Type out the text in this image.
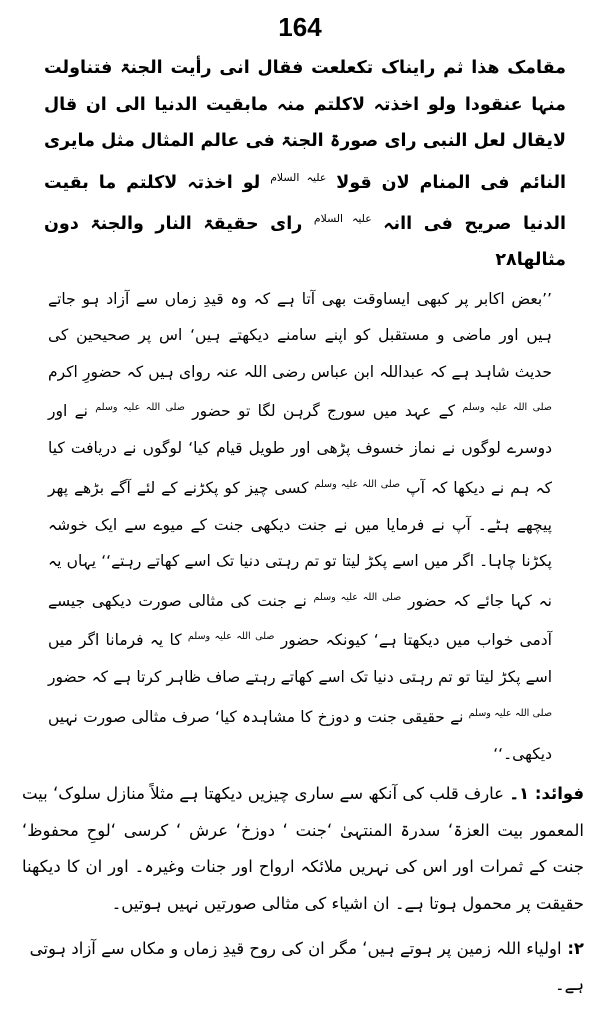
164

مقامک هذا ثم رایناک تکعلعت فقال انی رأیت الجنۃ فتناولت منہا عنقودا ولو اخذتہ لاکلتم منہ مابقیت الدنیا الی ان قال لایقال لعل النبی رای صورۃ الجنۃ فی عالم المثال مثل مایری النائم فی المنام لان قولا $^{علیہ السلام}$ لو اخذتہ لاکلتم ما بقیت الدنیا صریح فی اانہ $^{علیہ السلام}$ رای حقیقۃ النار والجنۃ دون مثالھا۲۸

’’بعض اکابر پر کبھی ایساوقت بھی آتا ہے کہ وہ قیدِ زماں سے آزاد ہو جاتے ہیں اور ماضی و مستقبل کو اپنے سامنے دیکھتے ہیں‘ اس پر صحیحین کی حدیث شاہد ہے کہ عبداللہ ابن عباس رضی اللہ عنہ روای ہیں کہ حضورِ اکرم $^{صلی اللہ علیہ وسلم}$ کے عہد میں سورج گرہن لگا تو حضور $^{صلی اللہ علیہ وسلم}$ نے اور دوسرے لوگوں نے نماز خسوف پڑھی اور طویل قیام کیا‘ لوگوں نے دریافت کیا کہ ہم نے دیکھا کہ آپ $^{صلی اللہ علیہ وسلم}$ کسی چیز کو پکڑنے کے لئے آگے بڑھے پھر پیچھے ہٹے۔ آپ نے فرمایا میں نے جنت دیکھی جنت کے میوے سے ایک خوشہ پکڑنا چاہا۔ اگر میں اسے پکڑ لیتا تو تم رہتی دنیا تک اسے کھاتے رہتے‘‘ یہاں یہ نہ کہا جائے کہ حضور $^{صلی اللہ علیہ وسلم}$ نے جنت کی مثالی صورت دیکھی جیسے آدمی خواب میں دیکھتا ہے‘ کیونکہ حضور $^{صلی اللہ علیہ وسلم}$ کا یہ فرمانا اگر میں اسے پکڑ لیتا تو تم رہتی دنیا تک اسے کھاتے رہتے صاف ظاہر کرتا ہے کہ حضور $^{صلی اللہ علیہ وسلم}$ نے حقیقی جنت و دوزخ کا مشاہدہ کیا‘ صرف مثالی صورت نہیں دیکھی۔‘‘

فوائد: ۱۔ عارف قلب کی آنکھ سے ساری چیزیں دیکھتا ہے مثلاً منازل سلوک‘ بیت المعمور بیت العزۃ‘ سدرۃ المنتہیٰ ‘جنت ‘ دوزخ‘ عرش ‘ کرسی ‘لوحِ محفوظ‘ جنت کے ثمرات اور اس کی نہریں ملائکہ ارواح اور جنات وغیرہ۔ اور ان کا دیکھنا حقیقت پر محمول ہوتا ہے۔ ان اشیاء کی مثالی صورتیں نہیں ہوتیں۔

۲: اولیاء اللہ زمین پر ہوتے ہیں‘ مگر ان کی روح قیدِ زماں و مکاں سے آزاد ہوتی ہے۔
